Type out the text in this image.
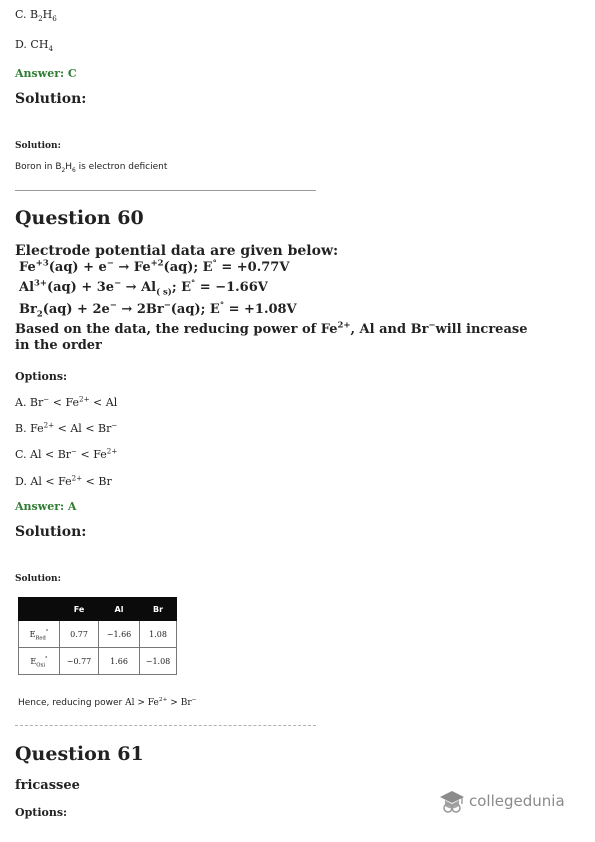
C. $B_2H_6$
D. $CH_4$
Answer: C
Solution:
Solution:
Boron in $B_2H_6$ is electron deficient
Question 60
Electrode potential data are given below:
$Fe^{+3}(aq) + e^- \to Fe^{+2}(aq)$; E° = +0.77V
$Al^{3+}(aq) + 3e^- \to Al_{( s)}$; E° = −1.66V
$Br_2(aq) + 2e^- \to 2Br^-(aq)$; E° = +1.08V
Based on the data, the reducing power of $Fe^{2+}$, Al and Br−will increase
in the order
Options:
A. $Br^- < Fe^{2+} < Al$
B. $Fe^{2+} < Al < Br^-$
C. $Al < Br^- < Fe^{2+}$
D. $Al < Fe^{2+} < Br$
Answer: A
Solution:
Solution:
	Fe	Al	Br
$E_{Red}^\circ$	0.77	−1.66	1.08
$E_{Oxi}^\circ$	−0.77	1.66	−1.08
Hence, reducing power $Al > Fe^{2+} > Br^-$
Question 61
fricassee
Options:
collegedunia
